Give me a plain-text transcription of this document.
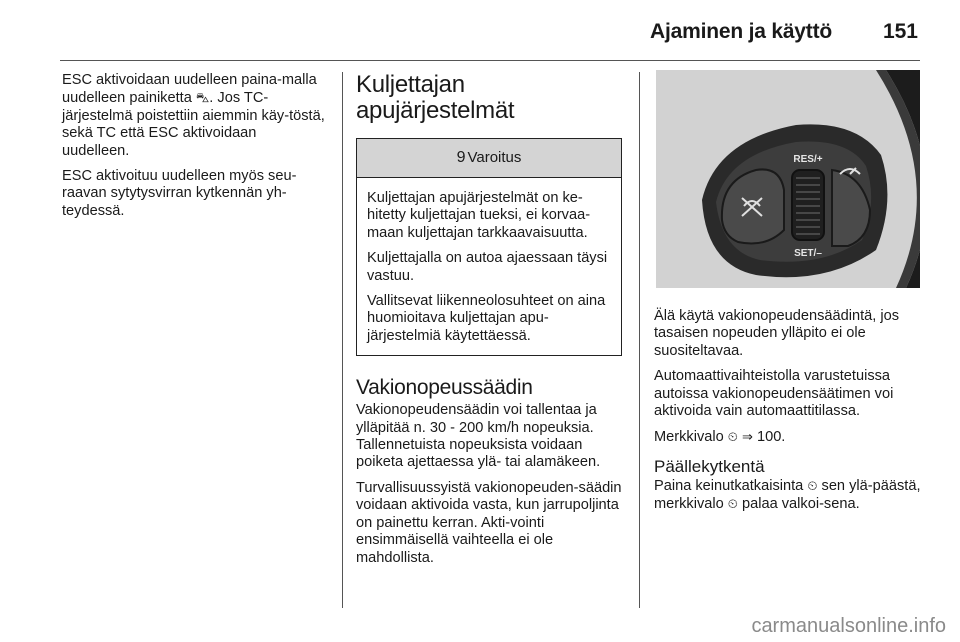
Ajaminen ja käyttö 151

ESC aktivoidaan uudelleen paina-malla uudelleen painiketta ⛍. Jos TC-järjestelmä poistettiin aiemmin käy-töstä, sekä TC että ESC aktivoidaan uudelleen.

ESC aktivoituu uudelleen myös seu-raavan sytytysvirran kytkennän yh-teydessä.

Kuljettajan apujärjestelmät
9 Varoitus

Kuljettajan apujärjestelmät on ke-hitetty kuljettajan tueksi, ei korvaa-maan kuljettajan tarkkaavaisuutta.

Kuljettajalla on autoa ajaessaan täysi vastuu.

Vallitsevat liikenneolosuhteet on aina huomioitava kuljettajan apu-järjestelmiä käytettäessä.

Vakionopeussäädin

Vakionopeudensäädin voi tallentaa ja ylläpitää n. 30 - 200 km/h nopeuksia. Tallennetuista nopeuksista voidaan poiketa ajettaessa ylä- tai alamäkeen.

Turvallisuussyistä vakionopeuden-säädin voidaan aktivoida vasta, kun jarrupoljinta on painettu kerran. Akti-vointi ensimmäisellä vaihteella ei ole mahdollista.

RES/+
SET/–

Älä käytä vakionopeudensäädintä, jos tasaisen nopeuden ylläpito ei ole suositeltavaa.

Automaattivaihteistolla varustetuissa autoissa vakionopeudensäätimen voi aktivoida vain automaattitilassa.

Merkkivalo ⏲ ⇒ 100.

Päällekytkentä

Paina keinutkatkaisinta ⏲ sen ylä-päästä, merkkivalo ⏲ palaa valkoi-sena.

carmanualsonline.info
